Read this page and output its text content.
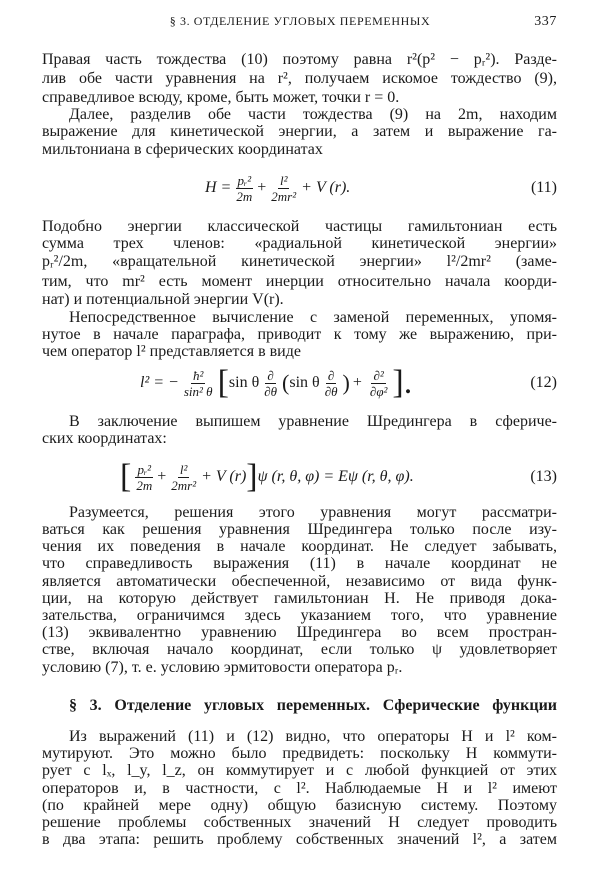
§ 3. ОТДЕЛЕНИЕ УГЛОВЫХ ПЕРЕМЕННЫХ	337
Правая часть тождества (10) поэтому равна r²(p² − pᵣ²). Разде-
лив обе части уравнения на r², получаем искомое тождество (9),
справедливое всюду, кроме, быть может, точки r = 0.
Далее, разделив обе части тождества (9) на 2m, находим
выражение для кинетической энергии, а затем и выражение га-
мильтониана в сферических координатах
$H = \frac{\text{pᵣ²}}{2m} + \frac{\text{l²}}{\text{2mr²}} + V$ (r).	(11)
Подобно энергии классической частицы гамильтониан есть
сумма трех членов: «радиальной кинетической энергии»
pᵣ²/2m, «вращательной кинетической энергии» l²/2mr² (заме-
тим, что mr² есть момент инерции относительно начала коорди-
нат) и потенциальной энергии V(r).
Непосредственное вычисление с заменой переменных, упомя-
нутое в начале параграфа, приводит к тому же выражению, при-
чем оператор l² представляется в виде
l² = − $\frac{\text{ħ²}}{\text{sin² θ}}$ [ sin θ ∂
∂θ ( sin θ ∂
∂θ ) + ∂²
∂φ² ].	(12)
В заключение выпишем уравнение Шредингера в сфериче-
ских координатах:
[ pᵣ²
$2m + \frac{\text{l²}}{\text{2mr²}} + V$ (r) ] ψ (r, θ, φ) = Eψ (r, θ, φ).	(13)
Разумеется, решения этого уравнения могут рассматри-
ваться как решения уравнения Шредингера только после изу-
чения их поведения в начале координат. Не следует забывать,
что справедливость выражения (11) в начале координат не
является автоматически обеспеченной, независимо от вида функ-
ции, на которую действует гамильтониан H. Не приводя дока-
зательства, ограничимся здесь указанием того, что уравнение
(13) эквивалентно уравнению Шредингера во всем простран-
стве, включая начало координат, если только ψ удовлетворяет
условию (7), т. е. условию эрмитовости оператора pᵣ.
§ 3. Отделение угловых переменных. Сферические функции
Из выражений (11) и (12) видно, что операторы H и l² ком-
мутируют. Это можно было предвидеть: поскольку H коммути-
рует с lₓ, l_y, l_z, он коммутирует и с любой функцией от этих
операторов и, в частности, с l². Наблюдаемые H и l² имеют
(по крайней мере одну) общую базисную систему. Поэтому
решение проблемы собственных значений H следует проводить
в два этапа: решить проблему собственных значений l², а затем
